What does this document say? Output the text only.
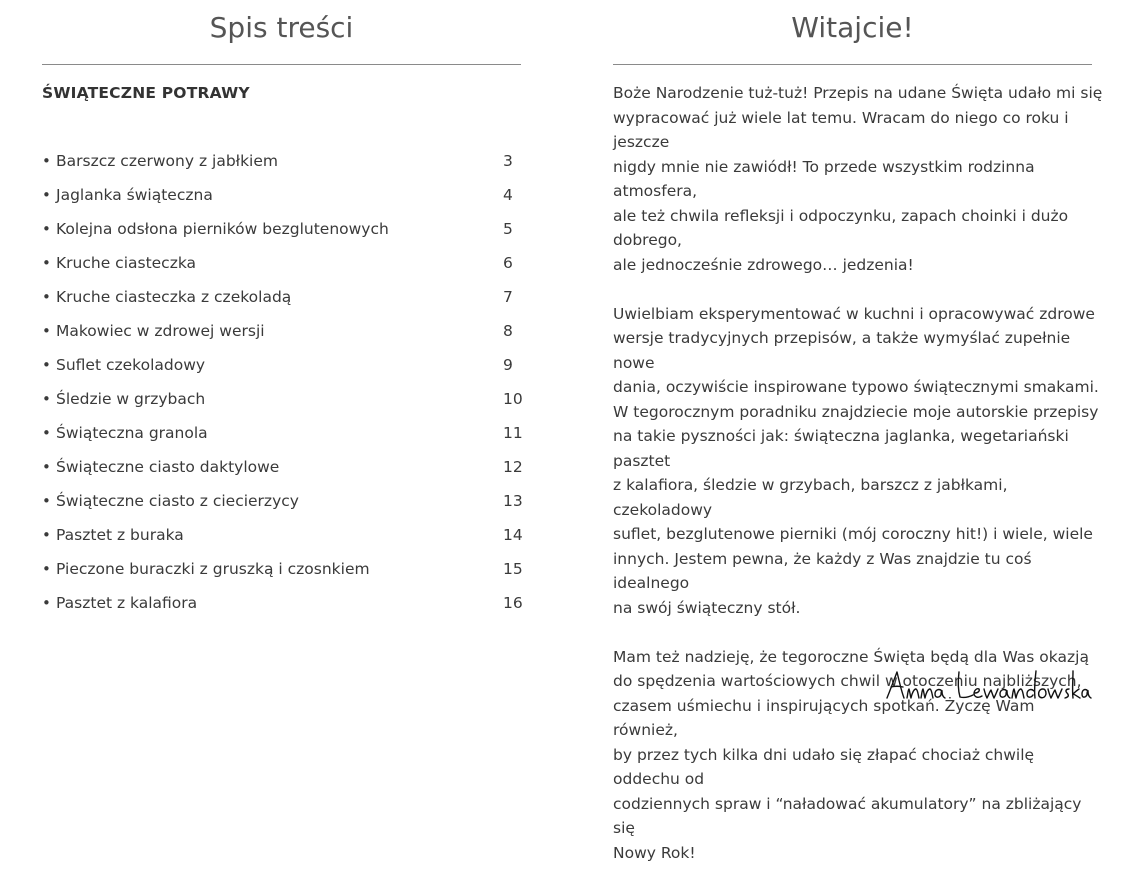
Spis treści
ŚWIĄTECZNE POTRAWY
• Barszcz czerwony z jabłkiem	3
• Jaglanka świąteczna	4
• Kolejna odsłona pierników bezglutenowych	5
• Kruche ciasteczka	6
• Kruche ciasteczka z czekoladą	7
• Makowiec w zdrowej wersji	8
• Suflet czekoladowy	9
• Śledzie w grzybach	10
• Świąteczna granola	11
• Świąteczne ciasto daktylowe	12
• Świąteczne ciasto z ciecierzycy	13
• Pasztet z buraka	14
• Pieczone buraczki z gruszką i czosnkiem	15
• Pasztet z kalafiora	16
Witajcie!

Boże Narodzenie tuż-tuż! Przepis na udane Święta udało mi się
wypracować już wiele lat temu. Wracam do niego co roku i jeszcze
nigdy mnie nie zawiódł! To przede wszystkim rodzinna atmosfera,
ale też chwila refleksji i odpoczynku, zapach choinki i dużo dobrego,
ale jednocześnie zdrowego… jedzenia!

Uwielbiam eksperymentować w kuchni i opracowywać zdrowe
wersje tradycyjnych przepisów, a także wymyślać zupełnie nowe
dania, oczywiście inspirowane typowo świątecznymi smakami.
W tegorocznym poradniku znajdziecie moje autorskie przepisy
na takie pyszności jak: świąteczna jaglanka, wegetariański pasztet
z kalafiora, śledzie w grzybach, barszcz z jabłkami, czekoladowy
suflet, bezglutenowe pierniki (mój coroczny hit!) i wiele, wiele
innych. Jestem pewna, że każdy z Was znajdzie tu coś idealnego
na swój świąteczny stół.

Mam też nadzieję, że tegoroczne Święta będą dla Was okazją
do spędzenia wartościowych chwil w otoczeniu najbliższych,
czasem uśmiechu i inspirujących spotkań. Życzę Wam również,
by przez tych kilka dni udało się złapać chociaż chwilę oddechu od
codziennych spraw i “naładować akumulatory” na zbliżający się
Nowy Rok!
